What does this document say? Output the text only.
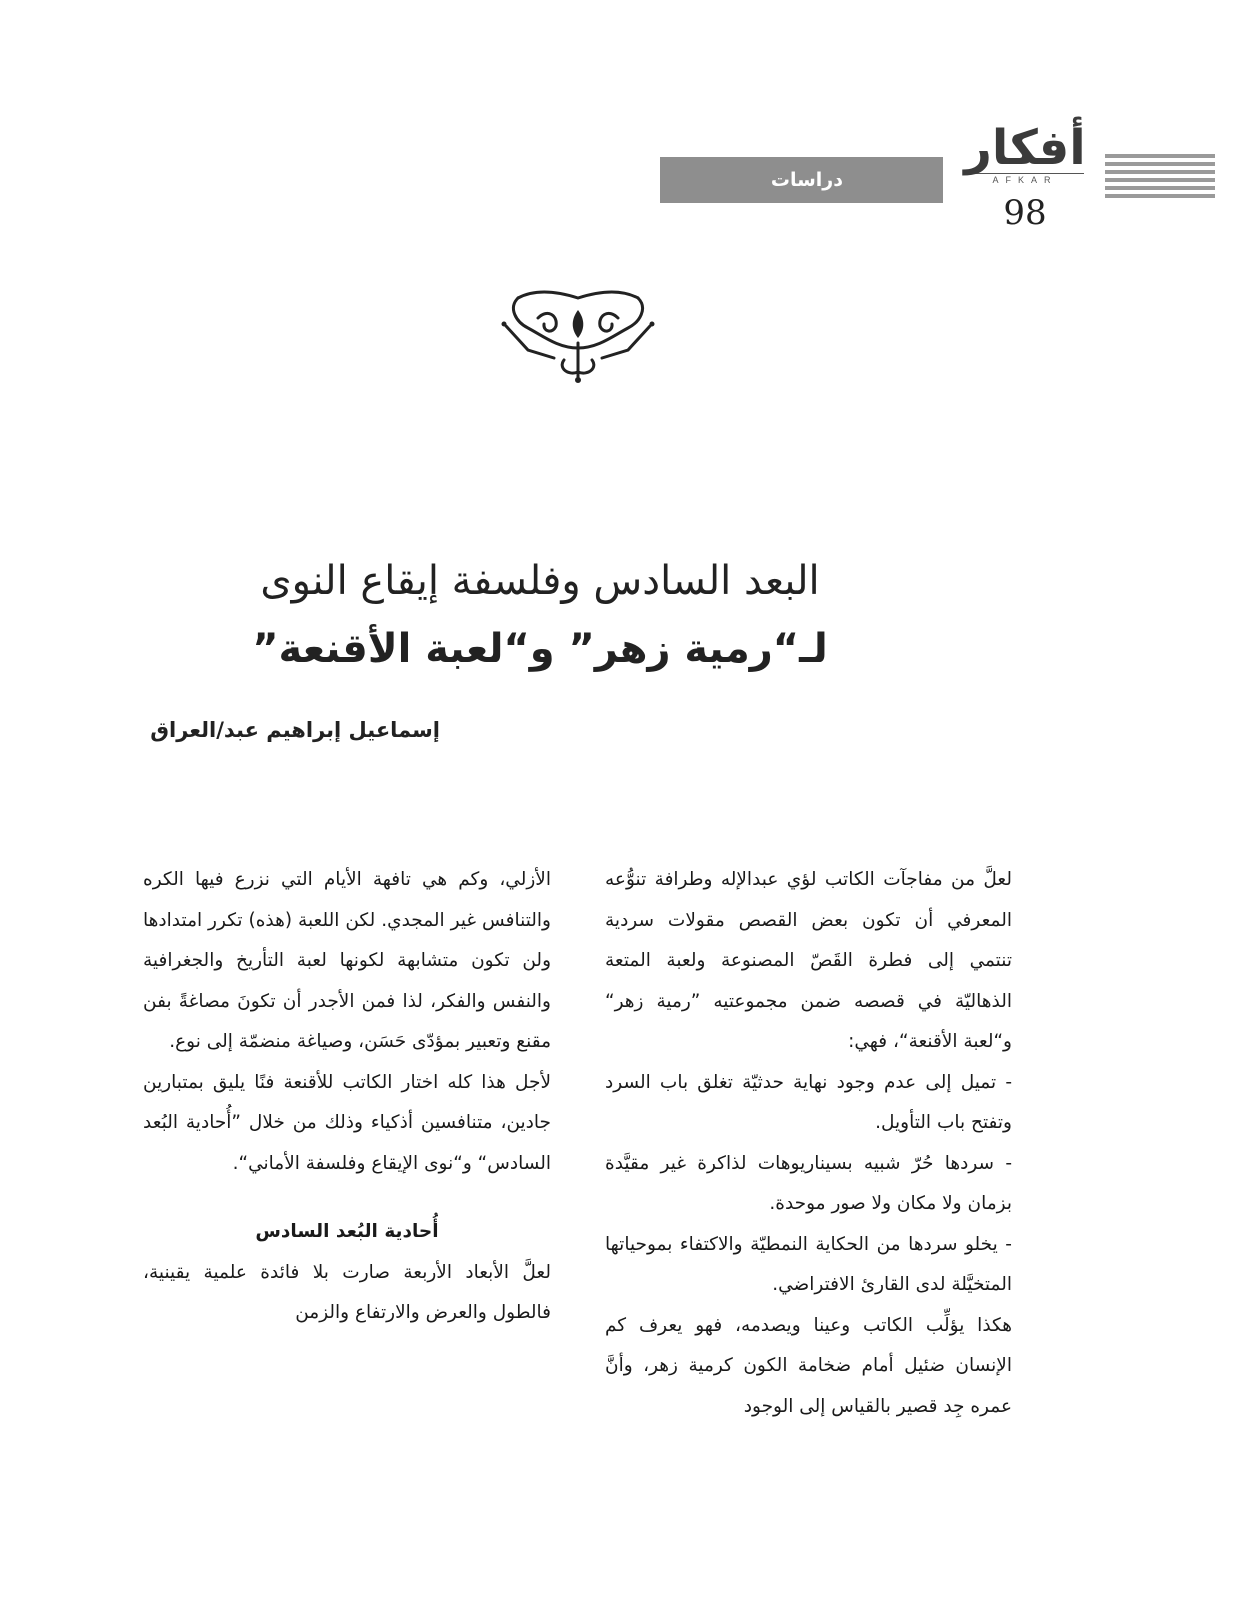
أفكار
AFKAR
دراسات
98
البعد السادس وفلسفة إيقاع النوى
لـ“رمية زهر” و“لعبة الأقنعة”
إسماعيل إبراهيم عبد/العراق

لعلَّ من مفاجآت الكاتب لؤي عبدالإله وطرافة تنوُّعه المعرفي أن تكون بعض القصص مقولات سردية تنتمي إلى فطرة القَصّ المصنوعة ولعبة المتعة الذهاليّة في قصصه ضمن مجموعتيه ”رمية زهر“ و“لعبة الأقنعة“، فهي:

- تميل إلى عدم وجود نهاية حدثيّة تغلق باب السرد وتفتح باب التأويل.

- سردها حُرّ شبيه بسيناريوهات لذاكرة غير مقيَّدة بزمان ولا مكان ولا صور موحدة.

- يخلو سردها من الحكاية النمطيّة والاكتفاء بموحياتها المتخيَّلة لدى القارئ الافتراضي.

هكذا يؤلِّب الكاتب وعينا ويصدمه، فهو يعرف كم الإنسان ضئيل أمام ضخامة الكون كرمية زهر، وأنَّ عمره جِد قصير بالقياس إلى الوجود

الأزلي، وكم هي تافهة الأيام التي نزرع فيها الكره والتنافس غير المجدي. لكن اللعبة (هذه) تكرر امتدادها ولن تكون متشابهة لكونها لعبة التأريخ والجغرافية والنفس والفكر، لذا فمن الأجدر أن تكونَ مصاغةً بفن مقنع وتعبير بمؤدّى حَسَن، وصياغة منضمّة إلى نوع.

لأجل هذا كله اختار الكاتب للأقنعة فنًا يليق بمتبارين جادين، متنافسين أذكياء وذلك من خلال ”أُحادية البُعد السادس“ و“نوى الإيقاع وفلسفة الأماني“.

أُحادية البُعد السادس

لعلَّ الأبعاد الأربعة صارت بلا فائدة علمية يقينية، فالطول والعرض والارتفاع والزمن
